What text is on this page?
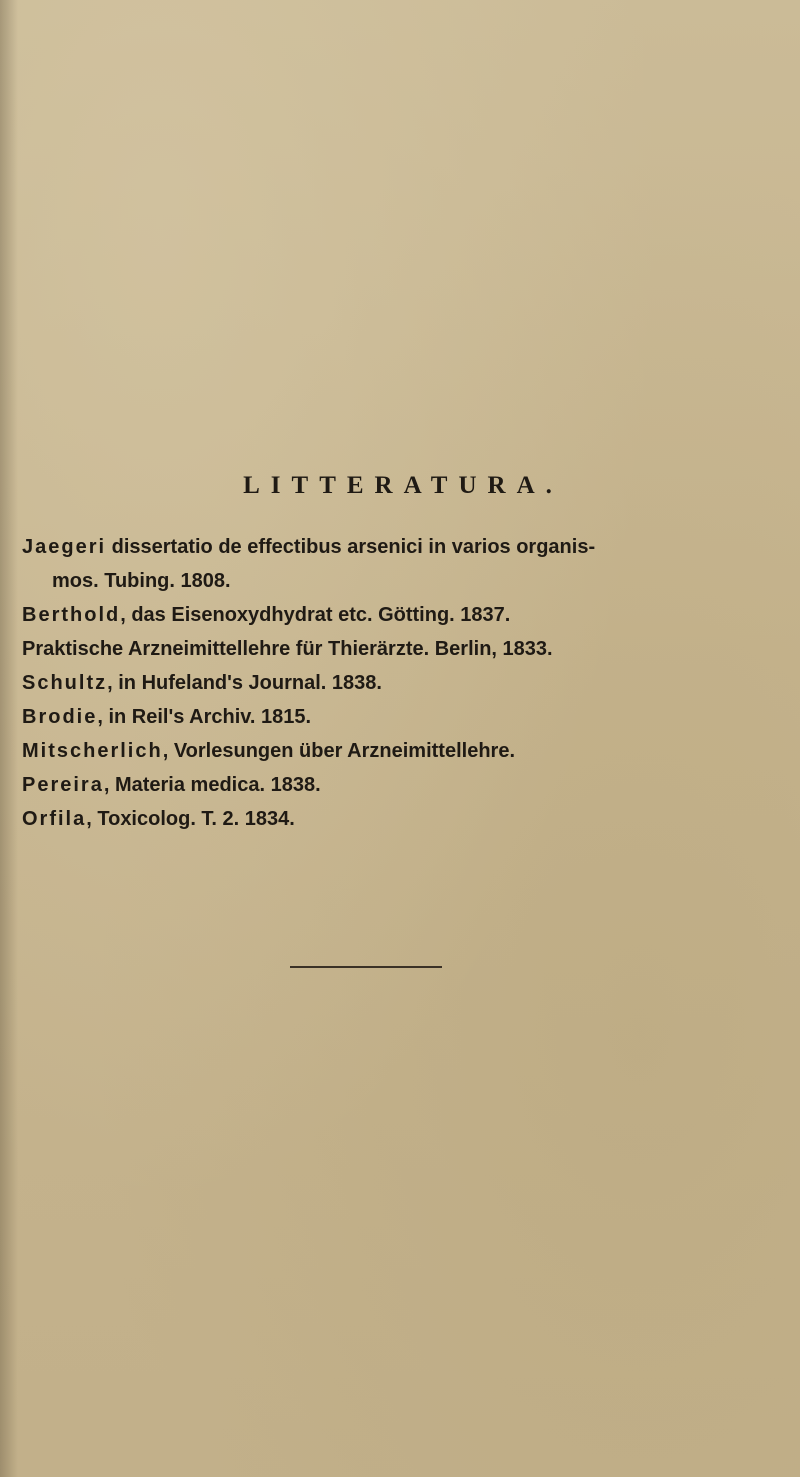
LITTERATURA.
Jaegeri dissertatio de effectibus arsenici in varios organis-
mos. Tubing. 1808.
Berthold, das Eisenoxydhydrat etc. Götting. 1837.
Praktische Arzneimittellehre für Thierärzte. Berlin, 1833.
Schultz, in Hufeland's Journal. 1838.
Brodie, in Reil's Archiv. 1815.
Mitscherlich, Vorlesungen über Arzneimittellehre.
Pereira, Materia medica. 1838.
Orfila, Toxicolog. T. 2. 1834.
